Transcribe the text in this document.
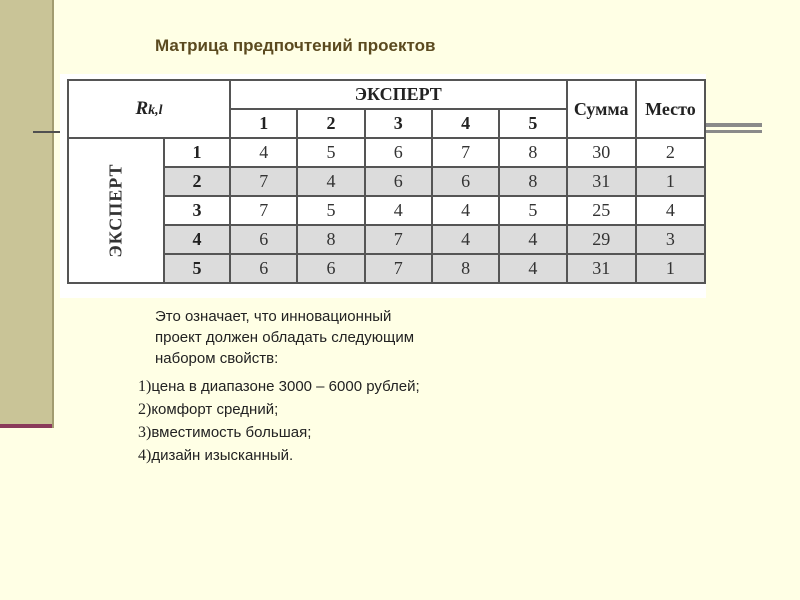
Матрица предпочтений проектов
Rk,l		ЭКСПЕРТ					Сумма	Место
		1	2	3	4	5		
ЭКСПЕРТ	1	4	5	6	7	8	30	2
	2	7	4	6	6	8	31	1
	3	7	5	4	4	5	25	4
	4	6	8	7	4	4	29	3
	5	6	6	7	8	4	31	1
Это означает, что инновационный
проект должен обладать следующим
набором свойств:
1)цена в диапазоне 3000 – 6000 рублей;
2)комфорт средний;
3)вместимость большая;
4)дизайн изысканный.
